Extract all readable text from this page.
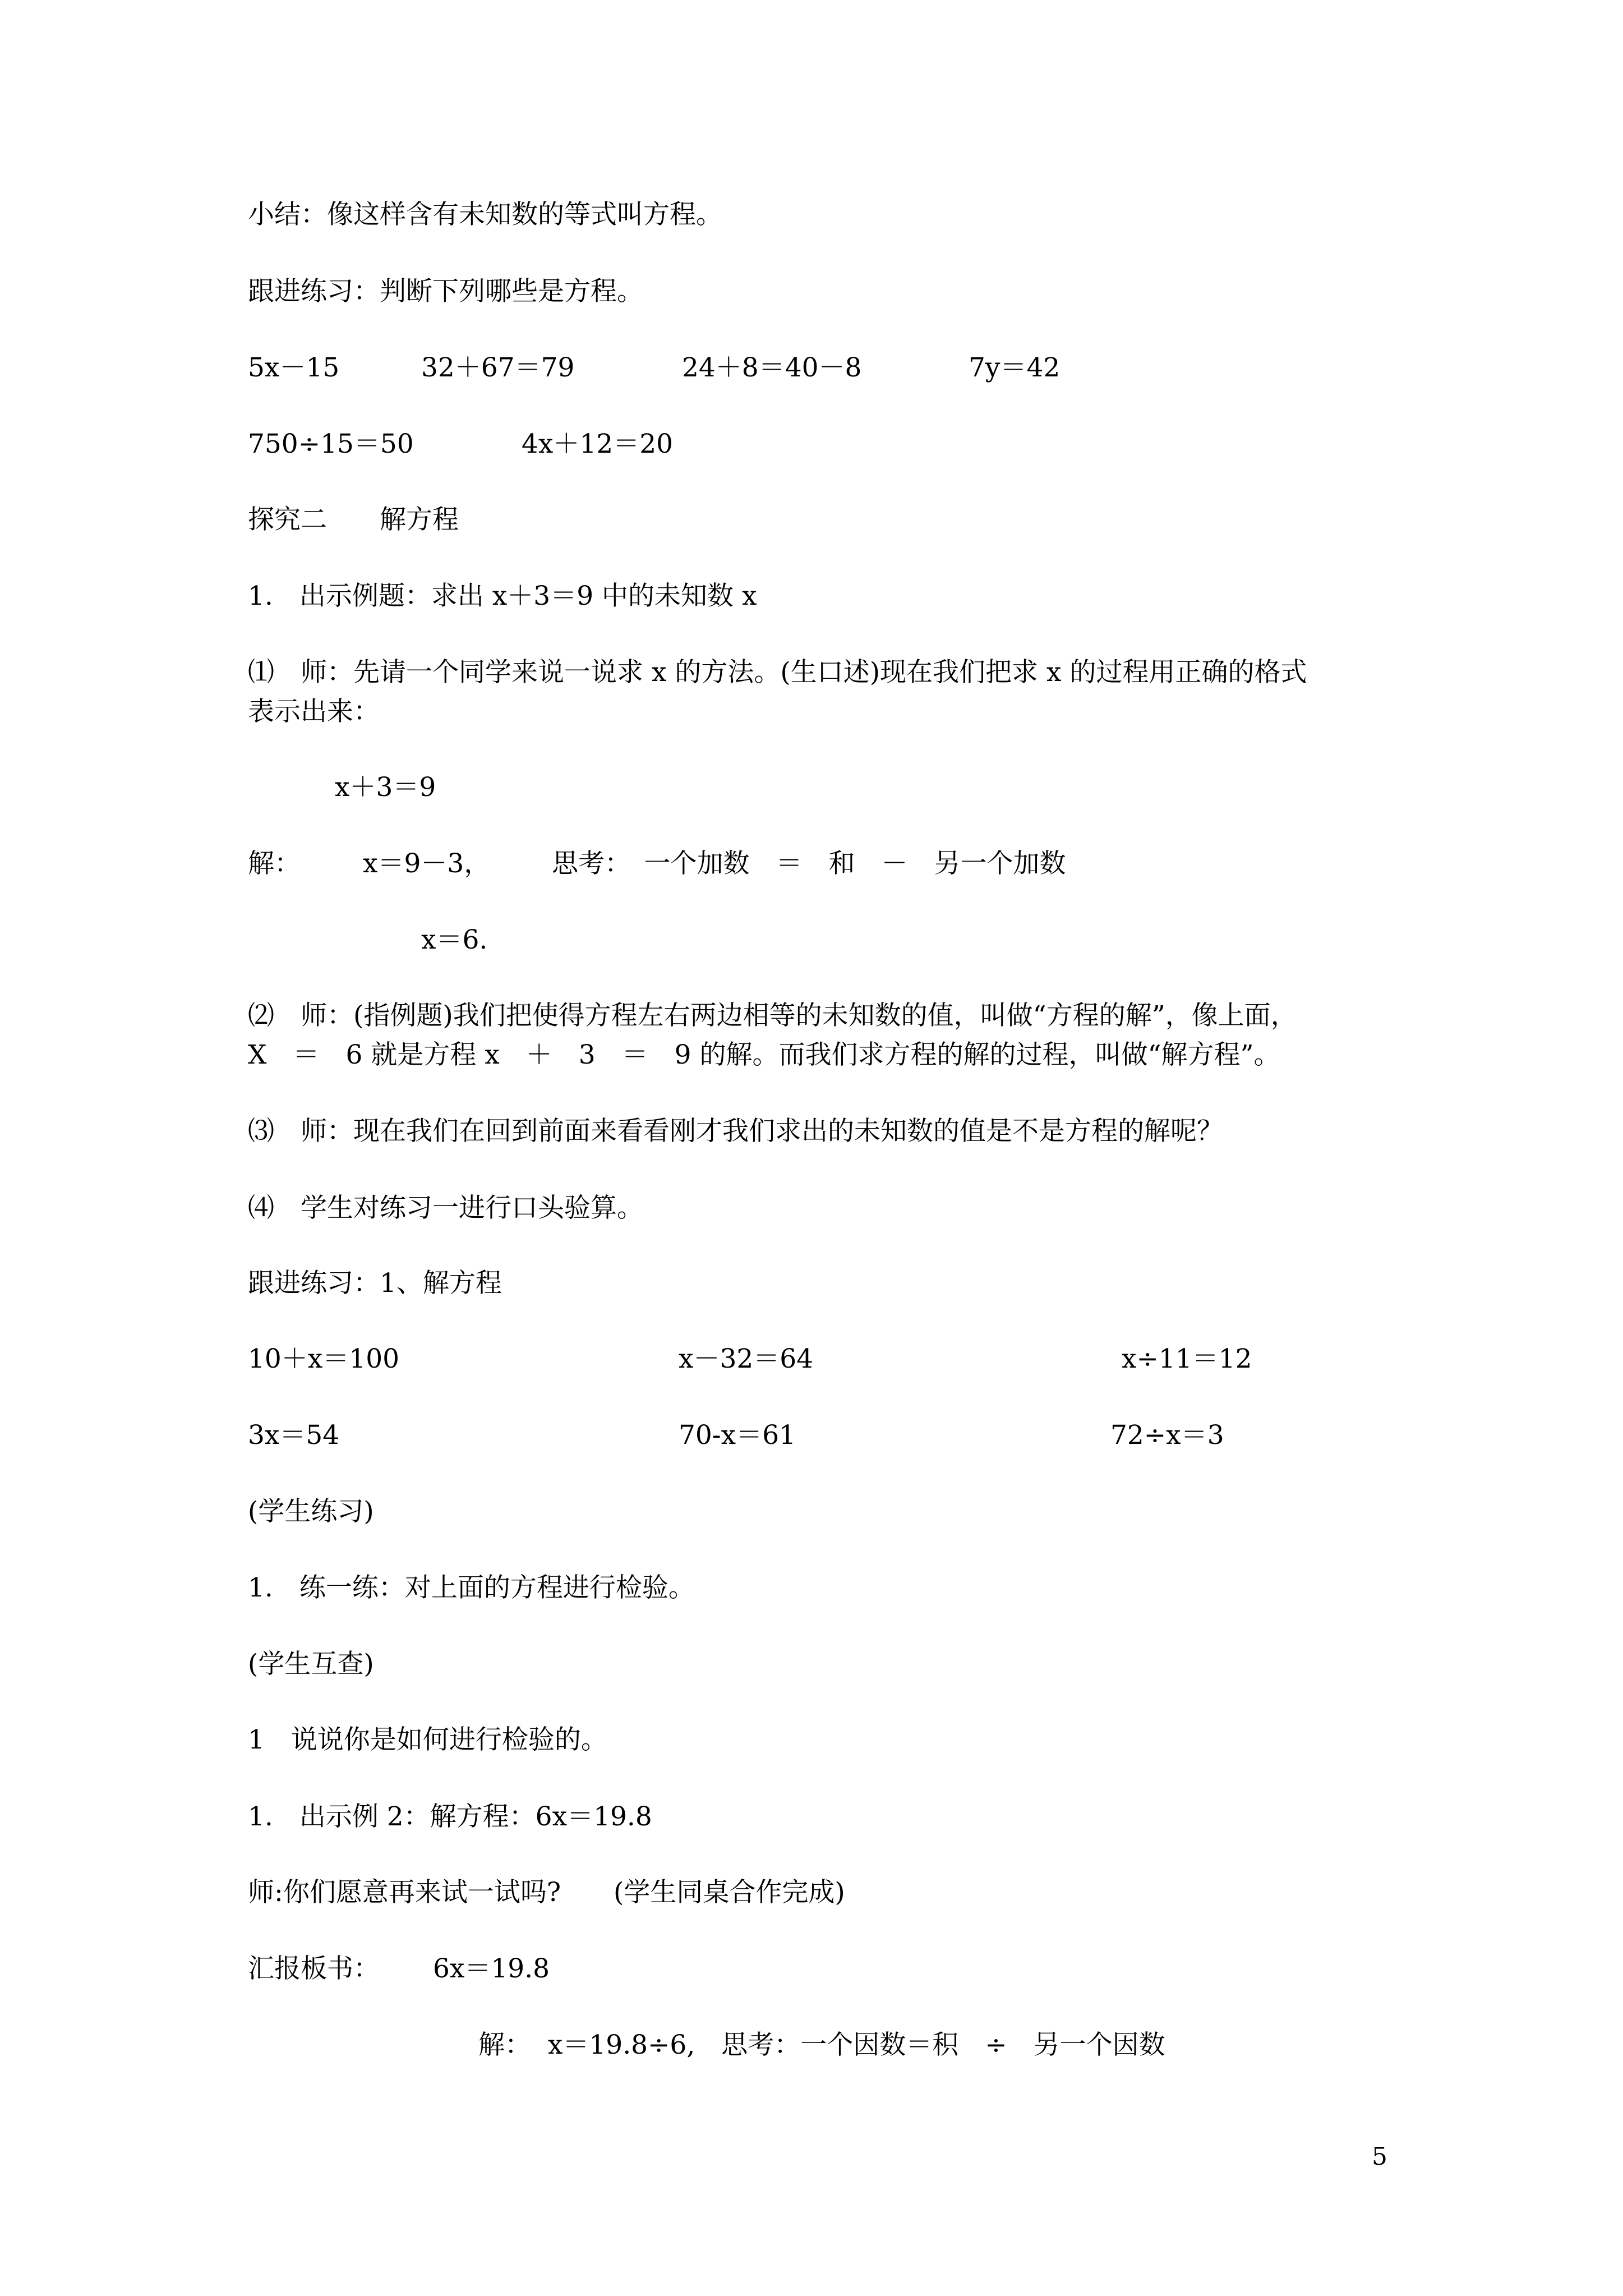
小结：像这样含有未知数的等式叫方程。
跟进练习：判断下列哪些是方程。
5x－15	32＋67＝79	24＋8＝40－8	7y＝42
750÷15＝50	4x＋12＝20
探究二　　解方程
1.　出示例题：求出 x＋3＝9 中的未知数 x
⑴　师：先请一个同学来说一说求 x 的方法。(生口述)现在我们把求 x 的过程用正确的格式
表示出来：
x＋3＝9
解： x＝9－3， 思考：　一个加数　＝　和　－　另一个加数
x＝6.
⑵　师：(指例题)我们把使得方程左右两边相等的未知数的值，叫做“方程的解”，像上面，
X　＝　6 就是方程 x　＋　3　＝　9 的解。而我们求方程的解的过程，叫做“解方程”。
⑶　师：现在我们在回到前面来看看刚才我们求出的未知数的值是不是方程的解呢？
⑷　学生对练习一进行口头验算。
跟进练习：1、解方程
10＋x＝100	x－32＝64	x÷11＝12
3x＝54	70-x＝61	72÷x＝3
(学生练习)
1.　练一练：对上面的方程进行检验。
(学生互查)
1　说说你是如何进行检验的。
1.　出示例 2：解方程：6x＝19.8
师:你们愿意再来试一试吗?　　(学生同桌合作完成)
汇报板书： 6x＝19.8
解：  x＝19.8÷6,　思考：一个因数＝积　÷　另一个因数
5
